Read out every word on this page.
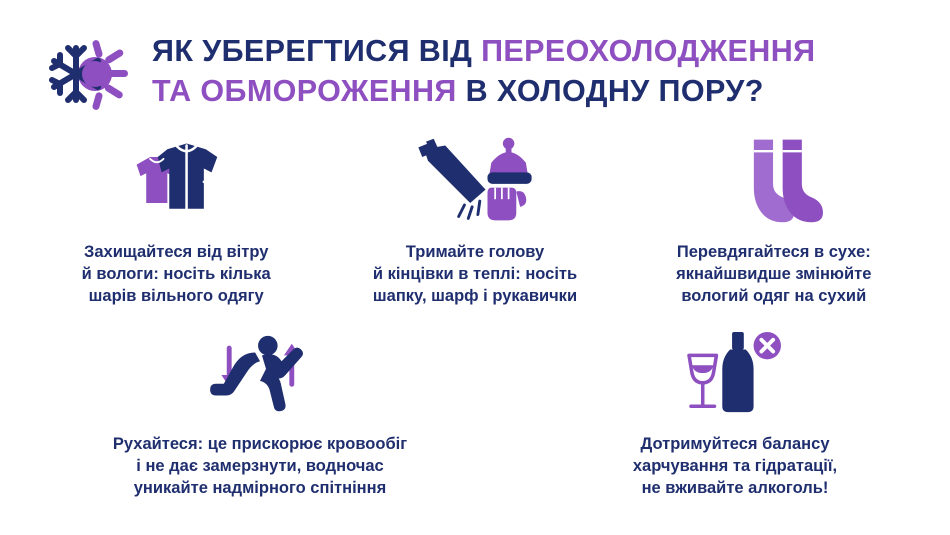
ЯК УБЕРЕГТИСЯ ВІД ПЕРЕОХОЛОДЖЕННЯ
ТА ОБМОРОЖЕННЯ В ХОЛОДНУ ПОРУ?
Захищайтеся від вітру
й вологи: носіть кілька
шарів вільного одягу
Тримайте голову
й кінцівки в теплі: носіть
шапку, шарф і рукавички
Перевдягайтеся в сухе:
якнайшвидше змінюйте
вологий одяг на сухий
Рухайтеся: це прискорює кровообіг
і не дає замерзнути, водночас
уникайте надмірного спітніння
Дотримуйтеся балансу
харчування та гідратації,
не вживайте алкоголь!
